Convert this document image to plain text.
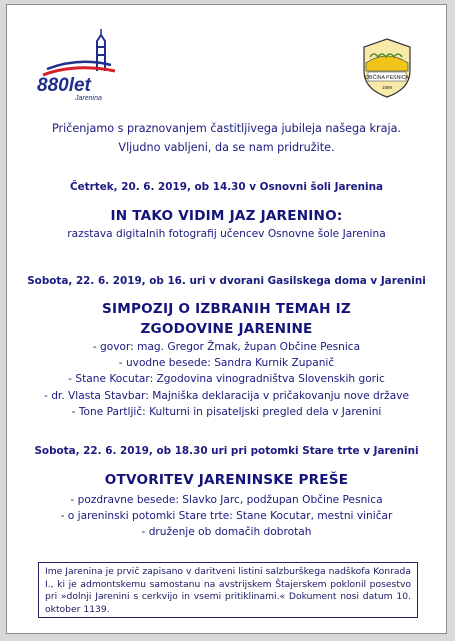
880let
Jarenina
OBČINA PESNICA
1999
Pričenjamo s praznovanjem častitljivega jubileja našega kraja.
Vljudno vabljeni, da se nam pridružite.
Četrtek, 20. 6. 2019, ob 14.30 v Osnovni šoli Jarenina
IN TAKO VIDIM JAZ JARENINO:
razstava digitalnih fotografij učencev Osnovne šole Jarenina
Sobota, 22. 6. 2019, ob 16. uri v dvorani Gasilskega doma v Jarenini
SIMPOZIJ O IZBRANIH TEMAH IZ
ZGODOVINE JARENINE
- govor: mag. Gregor Žmak, župan Občine Pesnica
- uvodne besede: Sandra Kurnik Zupanič
- Stane Kocutar: Zgodovina vinogradništva Slovenskih goric
- dr. Vlasta Stavbar: Majniška deklaracija v pričakovanju nove države
- Tone Partljič: Kulturni in pisateljski pregled dela v Jarenini
Sobota, 22. 6. 2019, ob 18.30 uri pri potomki Stare trte v Jarenini
OTVORITEV JARENINSKE PREŠE
- pozdravne besede: Slavko Jarc, podžupan Občine Pesnica
- o jareninski potomki Stare trte: Stane Kocutar, mestni viničar
- druženje ob domačih dobrotah
Ime Jarenina je prvič zapisano v daritveni listini salzburškega nadškofa Konrada I., ki je admontskemu samostanu na avstrijskem Štajerskem poklonil posestvo pri »dolnji Jarenini s cerkvijo in vsemi pritiklinami.« Dokument nosi datum 10. oktober 1139.
